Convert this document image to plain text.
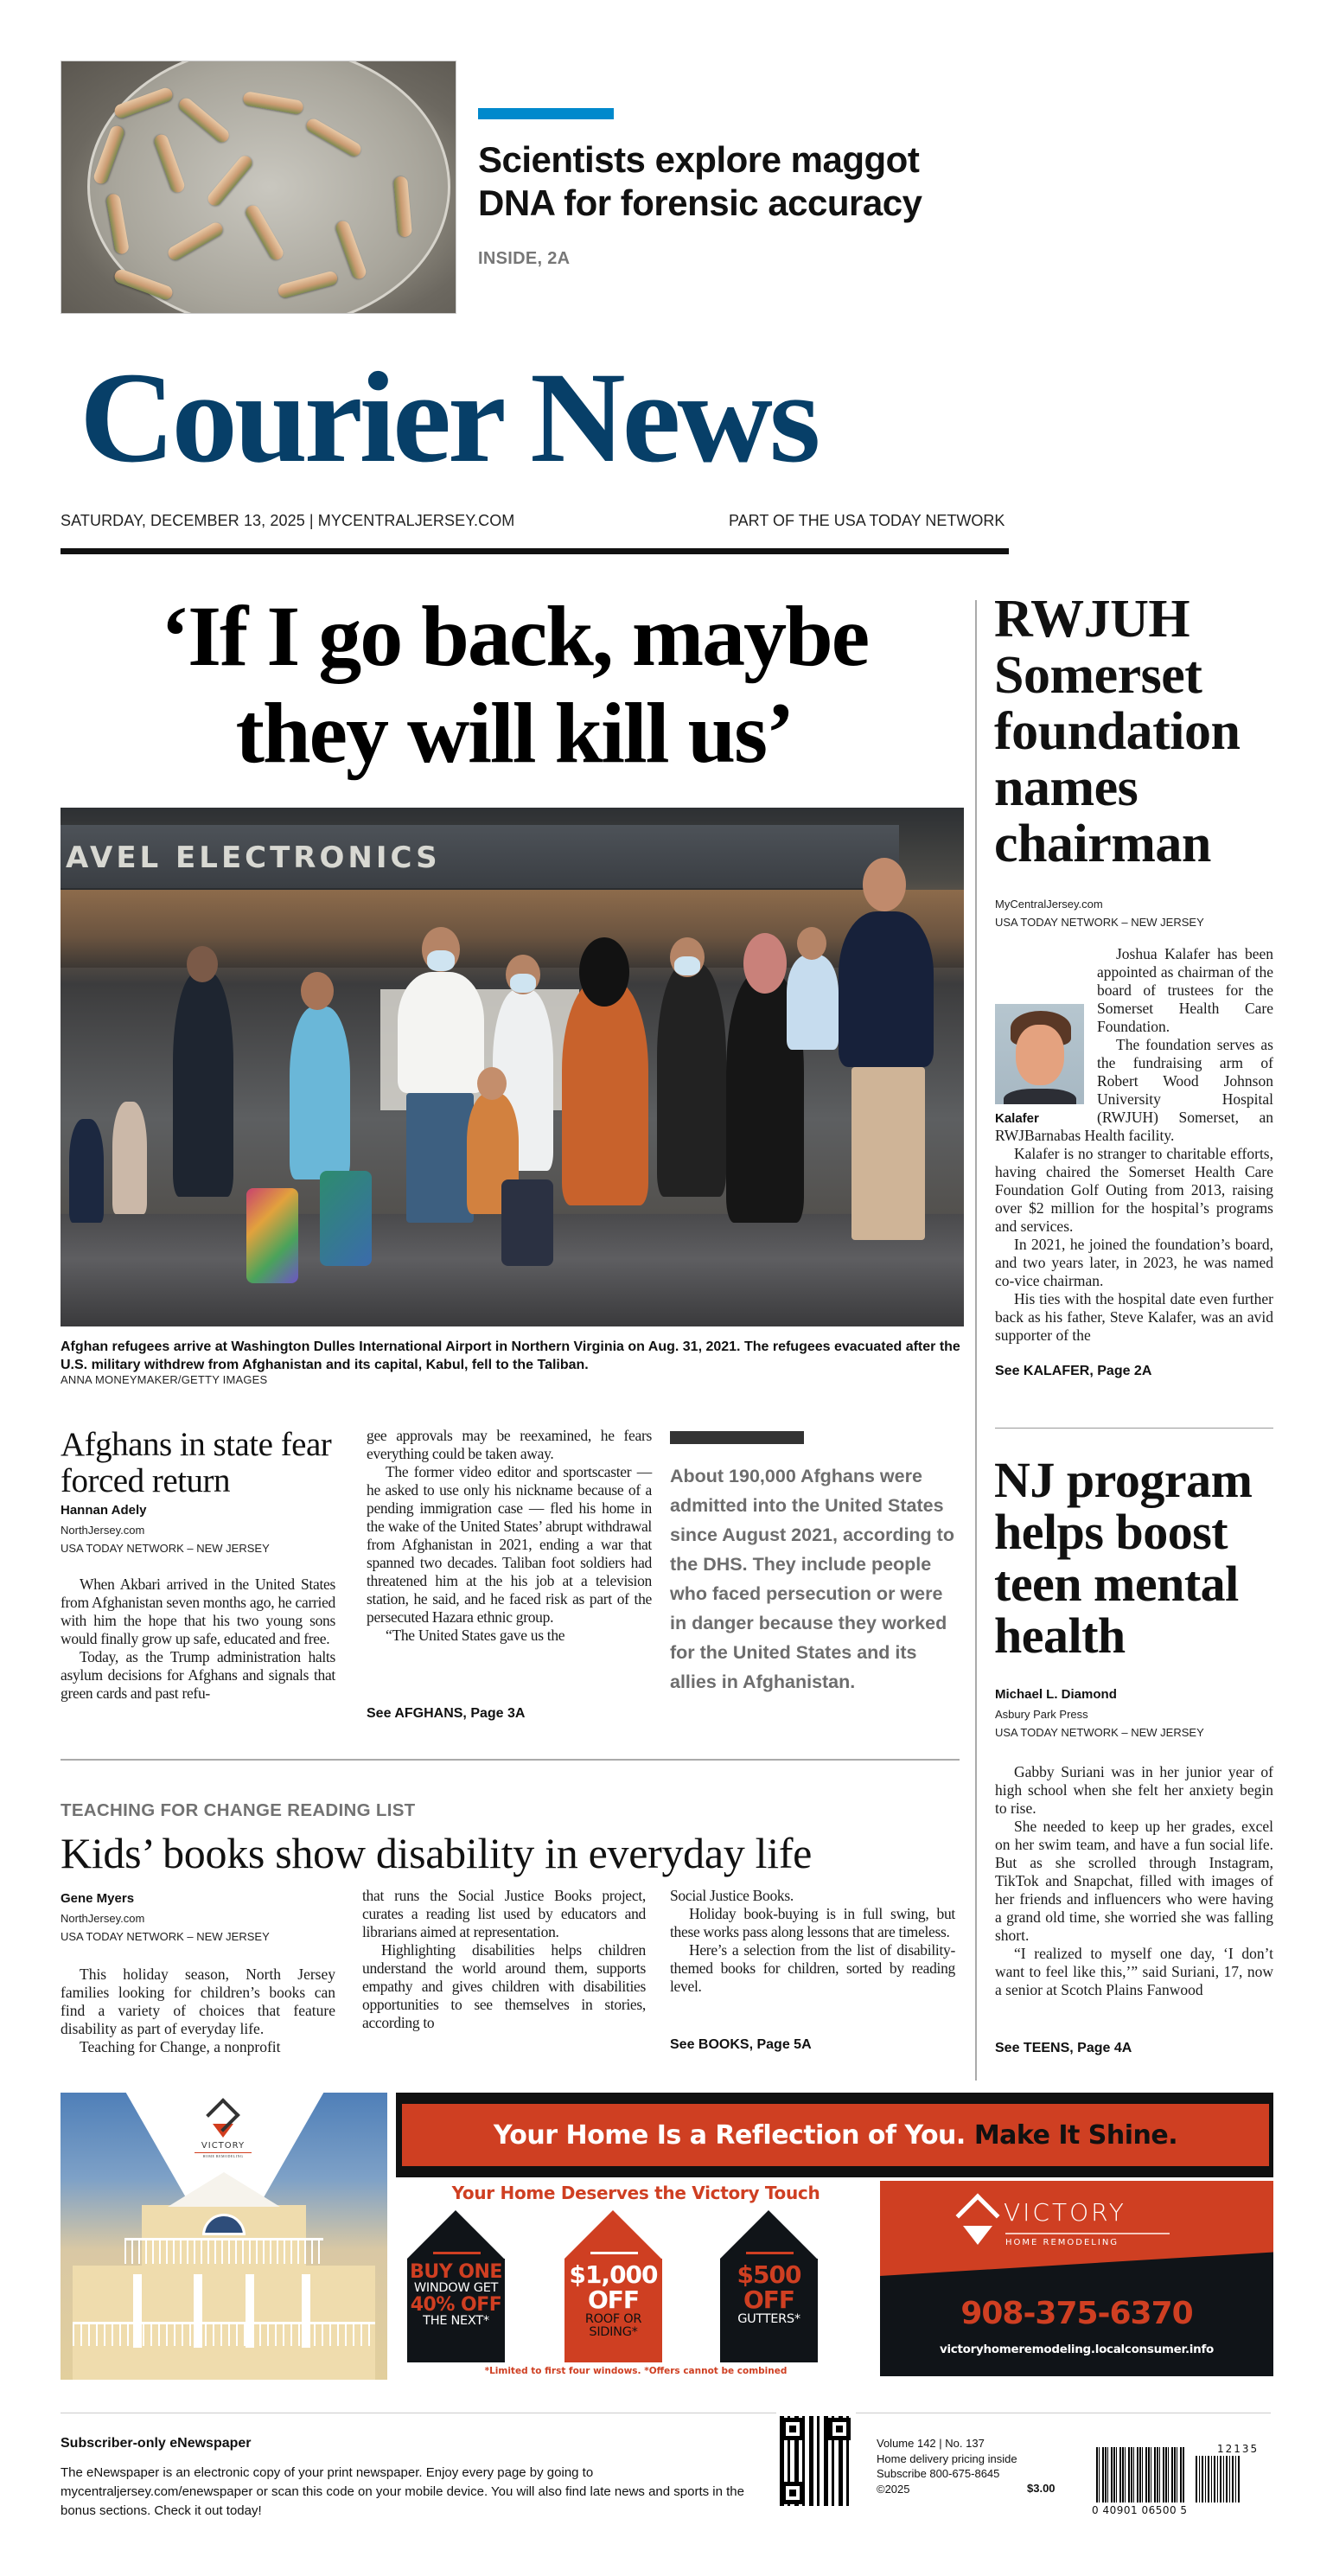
Scientists explore maggot DNA for forensic accuracy
INSIDE, 2A
Courier News
SATURDAY, DECEMBER 13, 2025 | MYCENTRALJERSEY.COM	PART OF THE USA TODAY NETWORK
‘If I go back, maybe
they will kill us’
AVEL ELECTRONICS
Afghan refugees arrive at Washington Dulles International Airport in Northern Virginia on Aug. 31, 2021. The refugees evacuated after the U.S. military withdrew from Afghanistan and its capital, Kabul, fell to the Taliban.
ANNA MONEYMAKER/GETTY IMAGES
Afghans in state fear forced return
Hannan Adely
NorthJersey.com
USA TODAY NETWORK – NEW JERSEY

When Akbari arrived in the United States from Afghanistan seven months ago, he carried with him the hope that his two young sons would finally grow up safe, educated and free.

Today, as the Trump administration halts asylum decisions for Afghans and signals that green cards and past refu-

gee approvals may be reexamined, he fears everything could be taken away.

The former video editor and sportscaster — he asked to use only his nickname because of a pending immigration case — fled his home in the wake of the United States’ abrupt withdrawal from Afghanistan in 2021, ending a war that spanned two decades. Taliban foot soldiers had threatened him at the his job at a television station, he said, and he faced risk as part of the persecuted Hazara ethnic group.

“The United States gave us the

See AFGHANS, Page 3A
About 190,000 Afghans were admitted into the United States since August 2021, according to the DHS. They include people who faced persecution or were in danger because they worked for the United States and its allies in Afghanistan.
RWJUH Somerset foundation names chairman
MyCentralJersey.com
USA TODAY NETWORK – NEW JERSEY

Joshua Kalafer has been appointed as chairman of the board of trustees for the Somerset Health Care Foundation.

The foundation serves as the fundraising arm of Robert Wood Johnson University Hospital (RWJUH) Somerset, an RWJBarnabas Health facility.

Kalafer is no stranger to charitable efforts, having chaired the Somerset Health Care Foundation Golf Outing from 2013, raising over $2 million for the hospital’s programs and services.

In 2021, he joined the foundation’s board, and two years later, in 2023, he was named co-vice chairman.

His ties with the hospital date even further back as his father, Steve Kalafer, was an avid supporter of the

Kalafer
See KALAFER, Page 2A
NJ program helps boost teen mental health
Michael L. Diamond
Asbury Park Press
USA TODAY NETWORK – NEW JERSEY

Gabby Suriani was in her junior year of high school when she felt her anxiety begin to rise.

She needed to keep up her grades, excel on her swim team, and have a fun social life. But as she scrolled through Instagram, TikTok and Snapchat, filled with images of her friends and influencers who were having a grand old time, she worried she was falling short.

“I realized to myself one day, ‘I don’t want to feel like this,’” said Suriani, 17, now a senior at Scotch Plains Fanwood

See TEENS, Page 4A
TEACHING FOR CHANGE READING LIST
Kids’ books show disability in everyday life
Gene Myers
NorthJersey.com
USA TODAY NETWORK – NEW JERSEY

This holiday season, North Jersey families looking for children’s books can find a variety of choices that feature disability as part of everyday life.

Teaching for Change, a nonprofit

that runs the Social Justice Books project, curates a reading list used by educators and librarians aimed at representation.

Highlighting disabilities helps children understand the world around them, supports empathy and gives children with disabilities opportunities to see themselves in stories, according to

Social Justice Books.

Holiday book-buying is in full swing, but these works pass along lessons that are timeless.

Here’s a selection from the list of disability-themed books for children, sorted by reading level.

See BOOKS, Page 5A
VICTORY
HOME REMODELING
Your Home Is a Reflection of You. Make It Shine.
Your Home Deserves the Victory Touch
BUY ONE
WINDOW GET
40% OFF
THE NEXT*
$1,000
OFF
ROOF OR
SIDING*
$500
OFF
GUTTERS*
*Limited to first four windows. *Offers cannot be combined
VICTORY
HOME REMODELING
908-375-6370
victoryhomeremodeling.localconsumer.info
Subscriber-only eNewspaper
The eNewspaper is an electronic copy of your print newspaper. Enjoy every page by going to mycentraljersey.com/enewspaper or scan this code on your mobile device. You will also find late news and sports in the bonus sections. Check it out today!
Volume 142 | No. 137
Home delivery pricing inside
Subscribe 800-675-8645
©2025	$3.00
12135
0 40901 06500 5
